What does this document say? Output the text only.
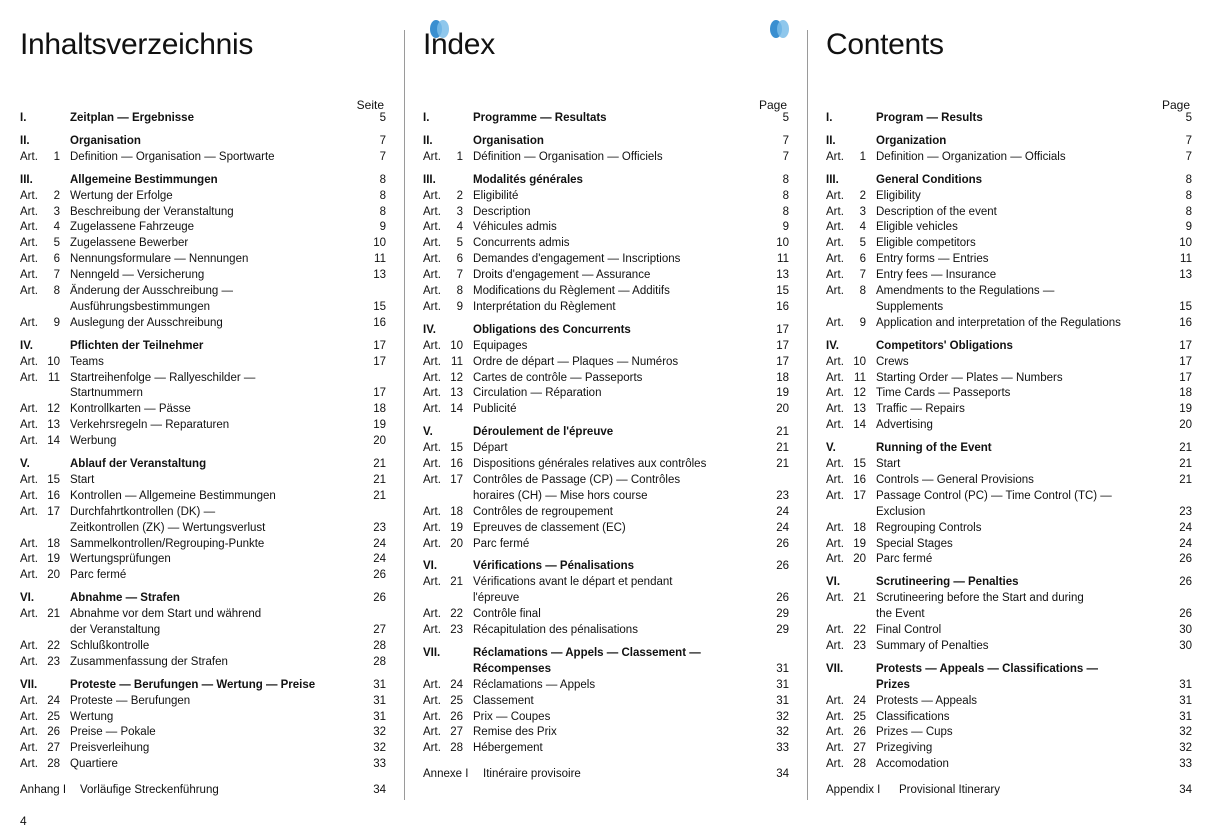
Inhaltsverzeichnis
Seite
I.	Zeitplan — Ergebnisse	5
II.	Organisation	7
Art.	1 Definition — Organisation — Sportwarte	7
III.	Allgemeine Bestimmungen	8
Art.	2 Wertung der Erfolge	8
Art.	3 Beschreibung der Veranstaltung	8
Art.	4 Zugelassene Fahrzeuge	9
Art.	5 Zugelassene Bewerber	10
Art.	6 Nennungsformulare — Nennungen	11
Art.	7 Nenngeld — Versicherung	13
Art.	8 Änderung der Ausschreibung —
Ausführungsbestimmungen	15
Art.	9 Auslegung der Ausschreibung	16
IV.	Pflichten der Teilnehmer	17
Art. 10 Teams	17
Art. 11 Startreihenfolge — Rallyeschilder —
Startnummern	17
Art. 12 Kontrollkarten — Pässe	18
Art. 13 Verkehrsregeln — Reparaturen	19
Art. 14 Werbung	20
V.	Ablauf der Veranstaltung	21
Art. 15 Start	21
Art. 16 Kontrollen — Allgemeine Bestimmungen	21
Art. 17 Durchfahrtkontrollen (DK) —
Zeitkontrollen (ZK) — Wertungsverlust	23
Art. 18 Sammelkontrollen/Regrouping-Punkte	24
Art. 19 Wertungsprüfungen	24
Art. 20 Parc fermé	26
VI.	Abnahme — Strafen	26
Art. 21 Abnahme vor dem Start und während
der Veranstaltung	27
Art. 22 Schlußkontrolle	28
Art. 23 Zusammenfassung der Strafen	28
VII.	Proteste — Berufungen — Wertung — Preise	31
Art. 24 Proteste — Berufungen	31
Art. 25 Wertung	31
Art. 26 Preise — Pokale	32
Art. 27 Preisverleihung	32
Art. 28 Quartiere	33
Anhang I Vorläufige Streckenführung	34
Index
Page
I.	Programme — Resultats	5
II.	Organisation	7
Art.	1 Définition — Organisation — Officiels	7
III.	Modalités générales	8
Art.	2 Eligibilité	8
Art.	3 Description	8
Art.	4 Véhicules admis	9
Art.	5 Concurrents admis	10
Art.	6 Demandes d'engagement — Inscriptions	11
Art.	7 Droits d'engagement — Assurance	13
Art.	8 Modifications du Règlement — Additifs	15
Art.	9 Interprétation du Règlement	16
IV.	Obligations des Concurrents	17
Art. 10 Equipages	17
Art. 11 Ordre de départ — Plaques — Numéros	17
Art. 12 Cartes de contrôle — Passeports	18
Art. 13 Circulation — Réparation	19
Art. 14 Publicité	20
V.	Déroulement de l'épreuve	21
Art. 15 Départ	21
Art. 16 Dispositions générales relatives aux contrôles	21
Art. 17 Contrôles de Passage (CP) — Contrôles
horaires (CH) — Mise hors course	23
Art. 18 Contrôles de regroupement	24
Art. 19 Epreuves de classement (EC)	24
Art. 20 Parc fermé	26
VI.	Vérifications — Pénalisations	26
Art. 21 Vérifications avant le départ et pendant
l'épreuve	26
Art. 22 Contrôle final	29
Art. 23 Récapitulation des pénalisations	29
VII.	Réclamations — Appels — Classement —
Récompenses	31
Art. 24 Réclamations — Appels	31
Art. 25 Classement	31
Art. 26 Prix — Coupes	32
Art. 27 Remise des Prix	32
Art. 28 Hébergement	33
Annexe I Itinéraire provisoire	34
Contents
Page
I.	Program — Results	5
II.	Organization	7
Art.	1 Definition — Organization — Officials	7
III.	General Conditions	8
Art.	2 Eligibility	8
Art.	3 Description of the event	8
Art.	4 Eligible vehicles	9
Art.	5 Eligible competitors	10
Art.	6 Entry forms — Entries	11
Art.	7 Entry fees — Insurance	13
Art.	8 Amendments to the Regulations —
Supplements	15
Art.	9 Application and interpretation of the Regulations	16
IV.	Competitors' Obligations	17
Art. 10 Crews	17
Art. 11 Starting Order — Plates — Numbers	17
Art. 12 Time Cards — Passeports	18
Art. 13 Traffic — Repairs	19
Art. 14 Advertising	20
V.	Running of the Event	21
Art. 15 Start	21
Art. 16 Controls — General Provisions	21
Art. 17 Passage Control (PC) — Time Control (TC) —
Exclusion	23
Art. 18 Regrouping Controls	24
Art. 19 Special Stages	24
Art. 20 Parc fermé	26
VI.	Scrutineering — Penalties	26
Art. 21 Scrutineering before the Start and during
the Event	26
Art. 22 Final Control	30
Art. 23 Summary of Penalties	30
VII.	Protests — Appeals — Classifications —
Prizes	31
Art. 24 Protests — Appeals	31
Art. 25 Classifications	31
Art. 26 Prizes — Cups	32
Art. 27 Prizegiving	32
Art. 28 Accomodation	33
Appendix I Provisional Itinerary	34
4
